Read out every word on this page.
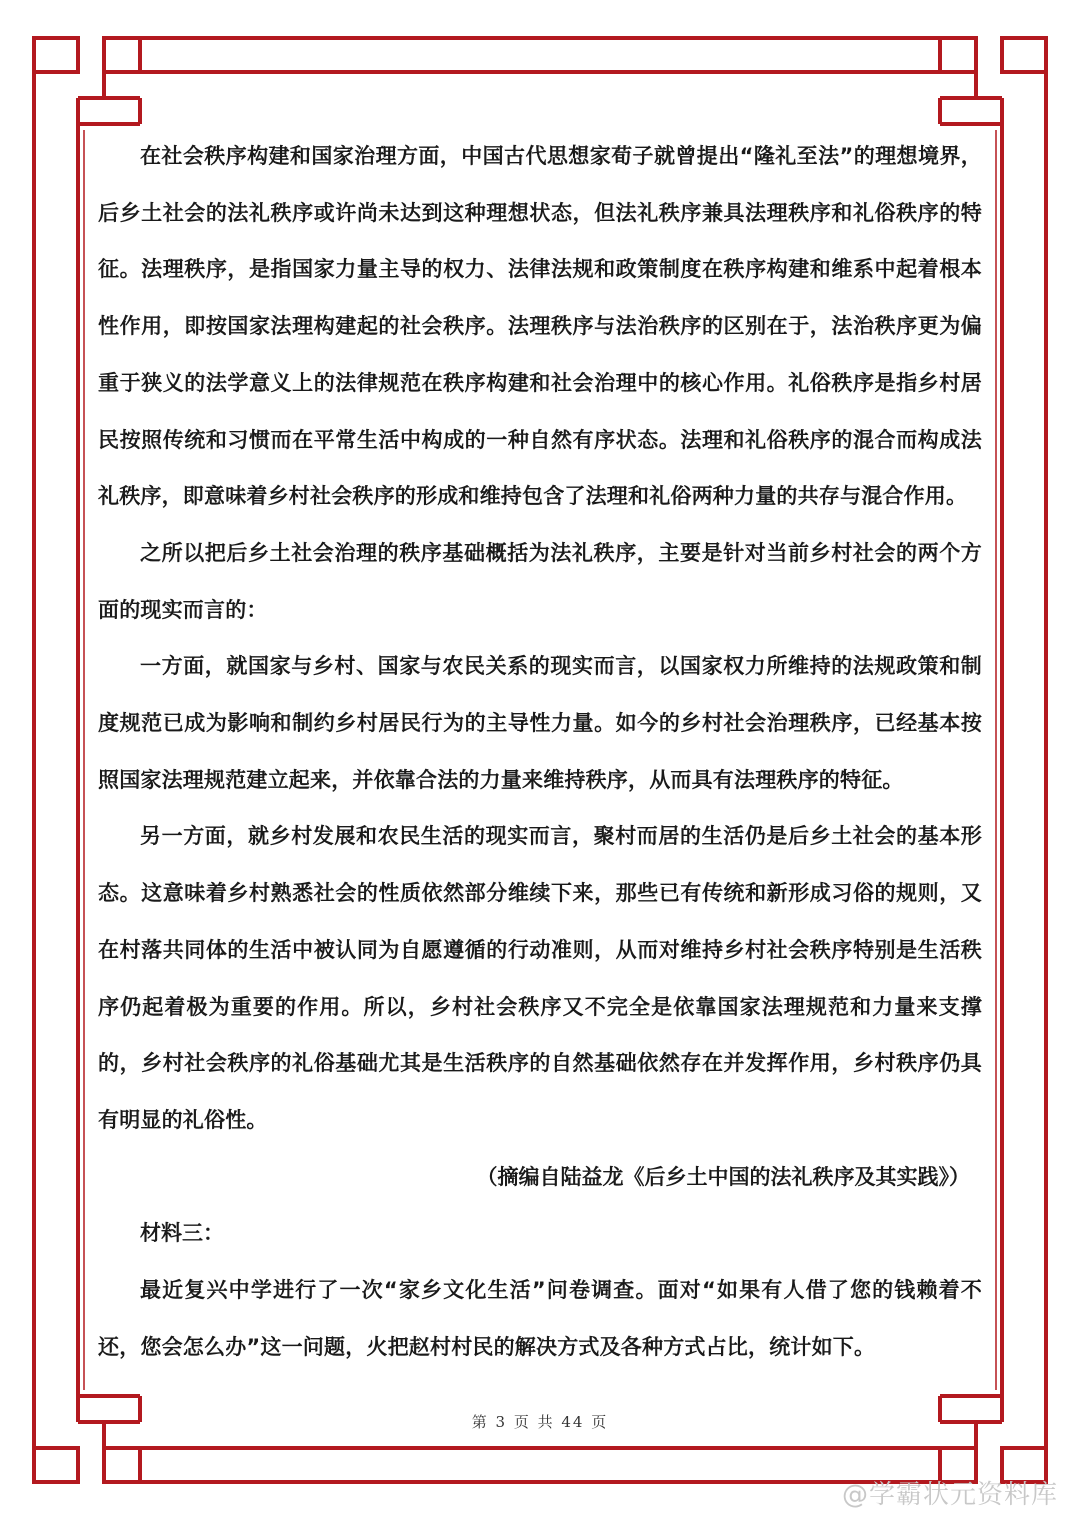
在社会秩序构建和国家治理方面，中国古代思想家荀子就曾提出“隆礼至法”的理想境界，后乡土社会的法礼秩序或许尚未达到这种理想状态，但法礼秩序兼具法理秩序和礼俗秩序的特征。法理秩序，是指国家力量主导的权力、法律法规和政策制度在秩序构建和维系中起着根本性作用，即按国家法理构建起的社会秩序。法理秩序与法治秩序的区别在于，法治秩序更为偏重于狭义的法学意义上的法律规范在秩序构建和社会治理中的核心作用。礼俗秩序是指乡村居民按照传统和习惯而在平常生活中构成的一种自然有序状态。法理和礼俗秩序的混合而构成法礼秩序，即意味着乡村社会秩序的形成和维持包含了法理和礼俗两种力量的共存与混合作用。

之所以把后乡土社会治理的秩序基础概括为法礼秩序，主要是针对当前乡村社会的两个方面的现实而言的：

一方面，就国家与乡村、国家与农民关系的现实而言，以国家权力所维持的法规政策和制度规范已成为影响和制约乡村居民行为的主导性力量。如今的乡村社会治理秩序，已经基本按照国家法理规范建立起来，并依靠合法的力量来维持秩序，从而具有法理秩序的特征。

另一方面，就乡村发展和农民生活的现实而言，聚村而居的生活仍是后乡土社会的基本形态。这意味着乡村熟悉社会的性质依然部分维续下来，那些已有传统和新形成习俗的规则，又在村落共同体的生活中被认同为自愿遵循的行动准则，从而对维持乡村社会秩序特别是生活秩序仍起着极为重要的作用。所以，乡村社会秩序又不完全是依靠国家法理规范和力量来支撑的，乡村社会秩序的礼俗基础尤其是生活秩序的自然基础依然存在并发挥作用，乡村秩序仍具有明显的礼俗性。

（摘编自陆益龙《后乡土中国的法礼秩序及其实践》）

材料三：

最近复兴中学进行了一次“家乡文化生活”问卷调查。面对“如果有人借了您的钱赖着不还，您会怎么办”这一问题，火把赵村村民的解决方式及各种方式占比，统计如下。

第 3 页 共 44 页
@学霸状元资料库
